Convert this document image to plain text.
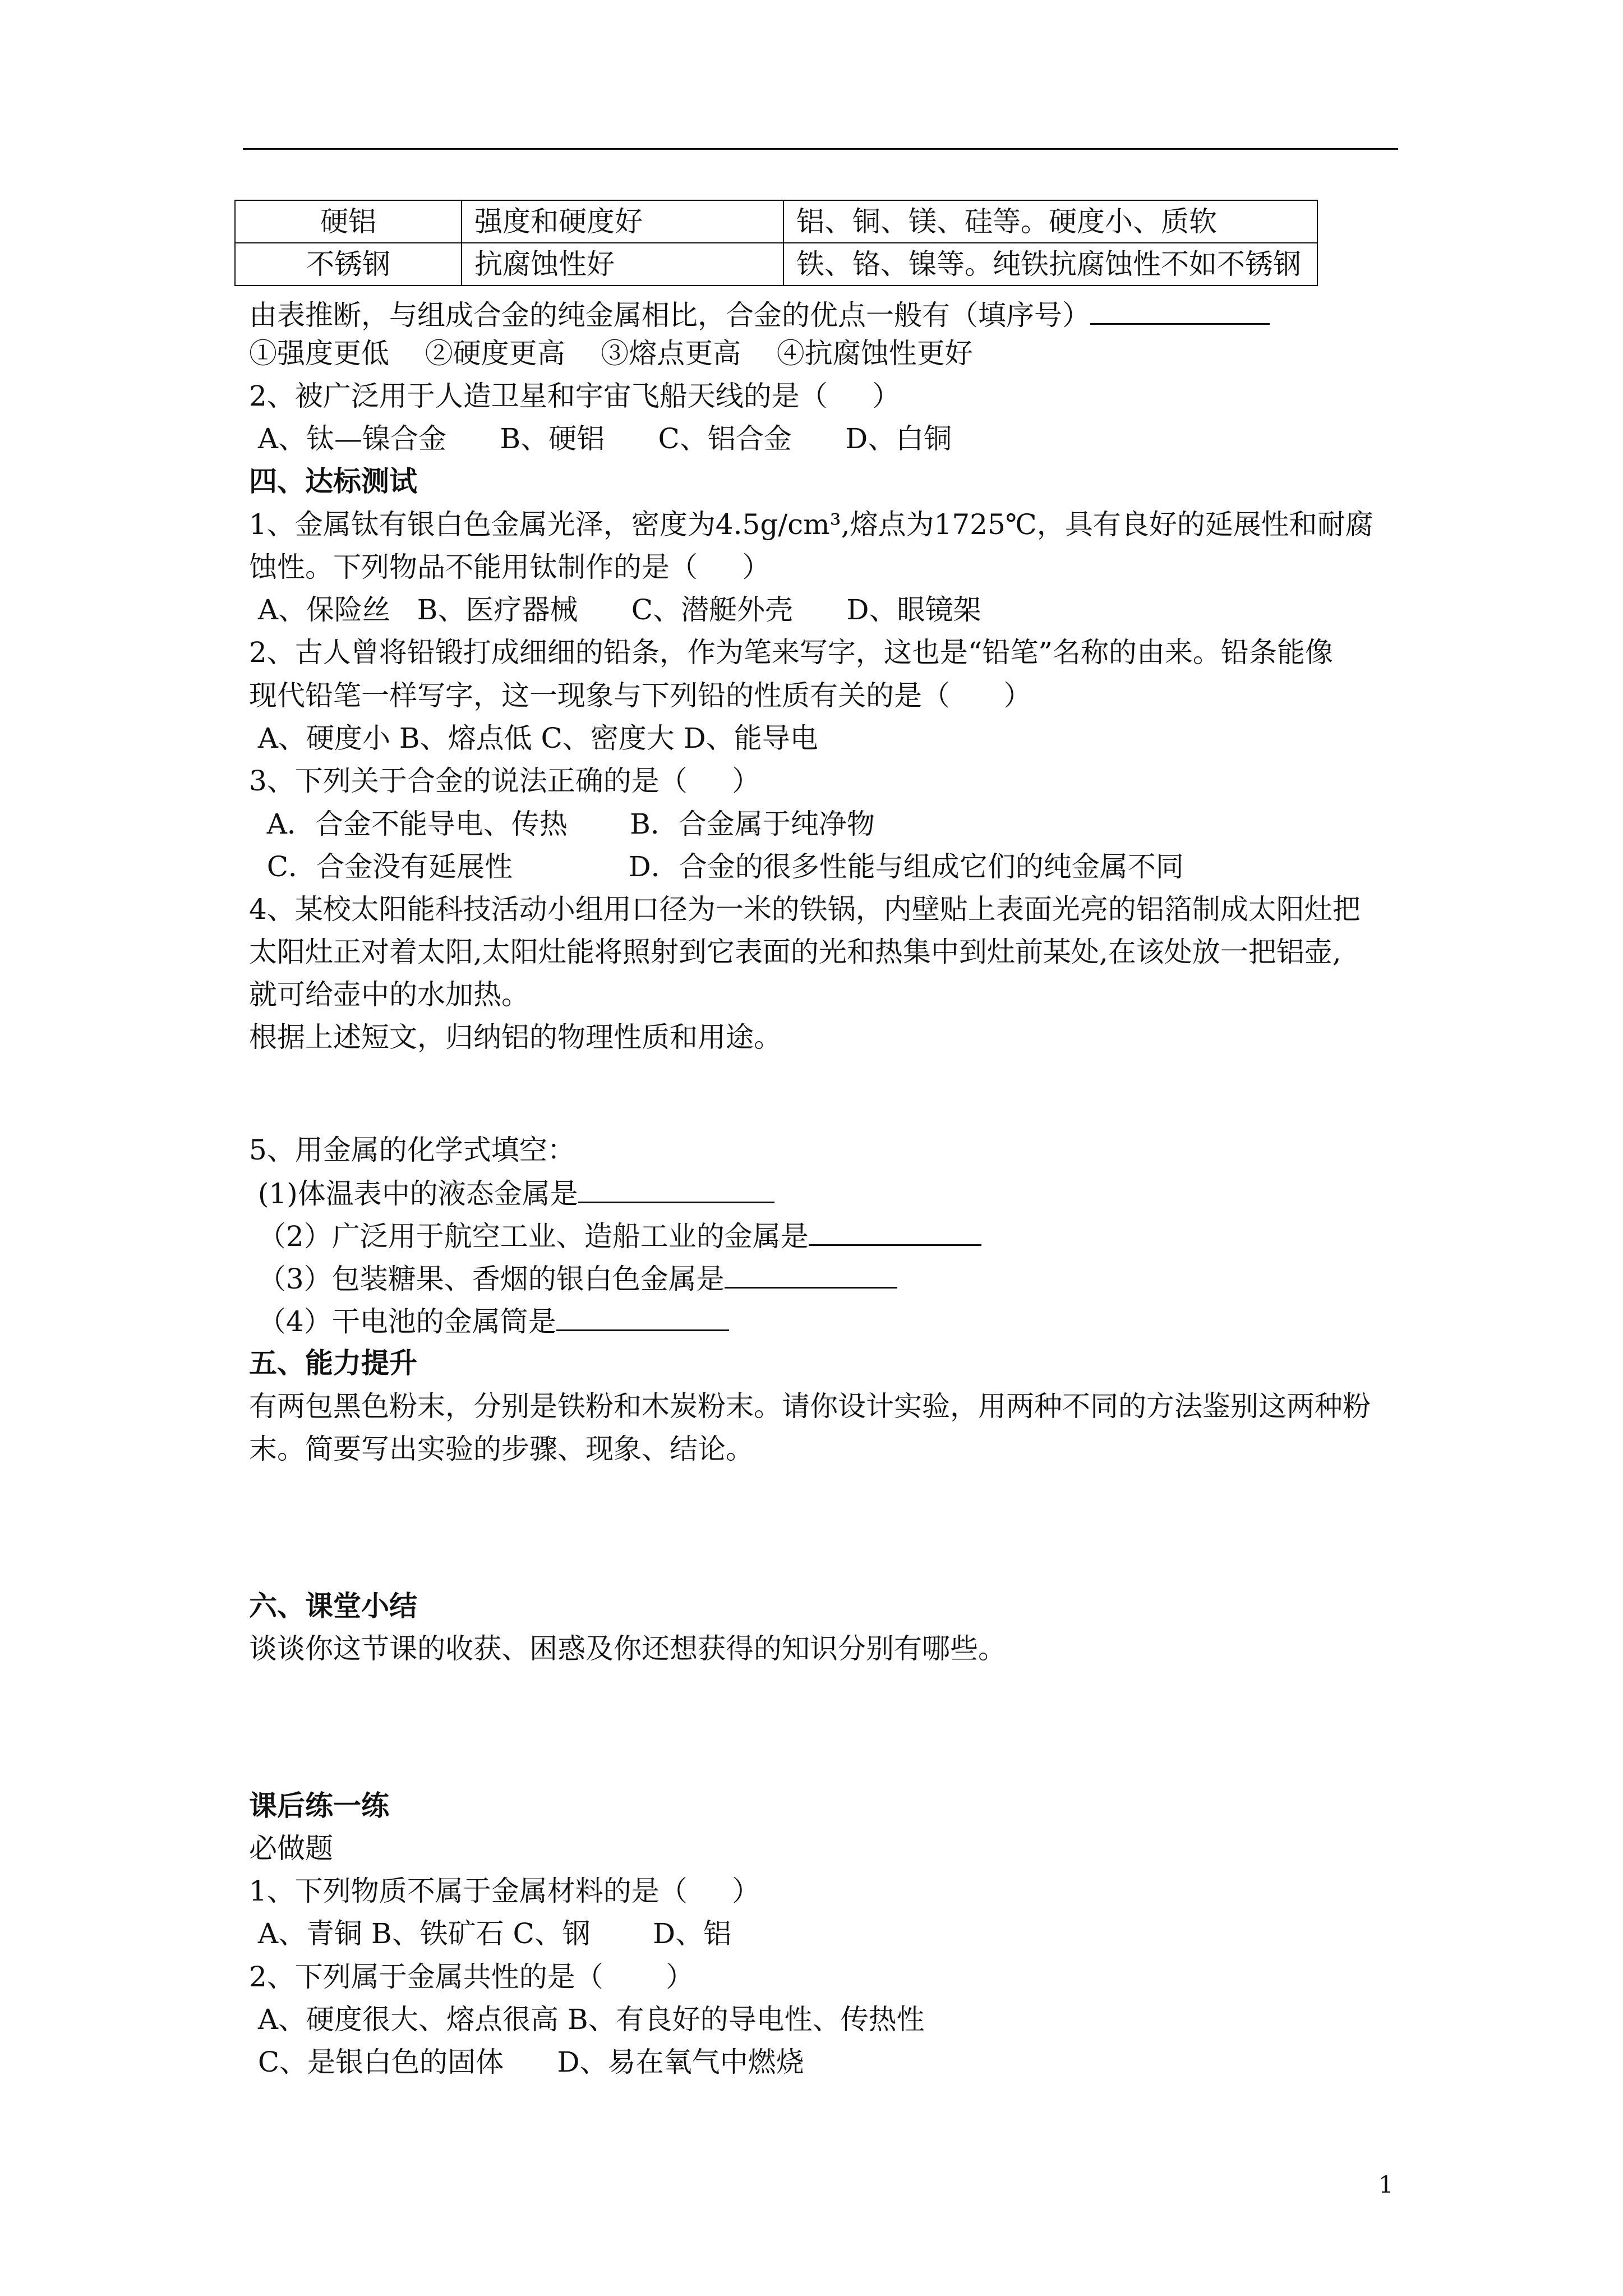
硬铝	强度和硬度好	铝、铜、镁、硅等。硬度小、质软
不锈钢	抗腐蚀性好	铁、铬、镍等。纯铁抗腐蚀性不如不锈钢
由表推断，与组成合金的纯金属相比，合金的优点一般有（填序号）
①强度更低    ②硬度更高    ③熔点更高    ④抗腐蚀性更好
2、被广泛用于人造卫星和宇宙飞船天线的是（     ）
A、钛—镍合金      B、硬铝      C、铝合金      D、白铜
四、达标测试
1、金属钛有银白色金属光泽，密度为4.5g/cm³,熔点为1725℃，具有良好的延展性和耐腐
蚀性。下列物品不能用钛制作的是（     ）
A、保险丝   B、医疗器械      C、潜艇外壳      D、眼镜架
2、古人曾将铅锻打成细细的铅条，作为笔来写字，这也是“铅笔”名称的由来。铅条能像
现代铅笔一样写字，这一现象与下列铅的性质有关的是（      ）
A、硬度小 B、熔点低 C、密度大 D、能导电
3、下列关于合金的说法正确的是（     ）
A．合金不能导电、传热       B．合金属于纯净物
C．合金没有延展性             D．合金的很多性能与组成它们的纯金属不同
4、某校太阳能科技活动小组用口径为一米的铁锅，内壁贴上表面光亮的铝箔制成太阳灶把
太阳灶正对着太阳,太阳灶能将照射到它表面的光和热集中到灶前某处,在该处放一把铝壶,
就可给壶中的水加热。
根据上述短文，归纳铝的物理性质和用途。
5、用金属的化学式填空：
(1)体温表中的液态金属是
（2）广泛用于航空工业、造船工业的金属是
（3）包装糖果、香烟的银白色金属是
（4）干电池的金属筒是
五、能力提升
有两包黑色粉末，分别是铁粉和木炭粉末。请你设计实验，用两种不同的方法鉴别这两种粉
末。简要写出实验的步骤、现象、结论。
六、课堂小结
谈谈你这节课的收获、困惑及你还想获得的知识分别有哪些。
课后练一练
必做题
1、下列物质不属于金属材料的是（     ）
A、青铜 B、铁矿石 C、钢       D、铝
2、下列属于金属共性的是（       ）
A、硬度很大、熔点很高 B、有良好的导电性、传热性
C、是银白色的固体      D、易在氧气中燃烧
1
